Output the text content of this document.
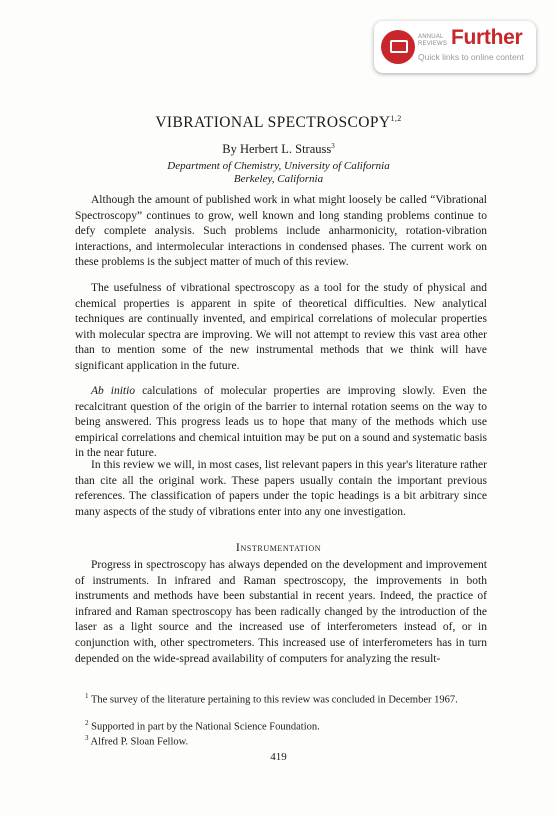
ANNUAL REVIEWS Further
Quick links to online content
VIBRATIONAL SPECTROSCOPY$^{1,2}$
By Herbert L. Strauss$^3$
Department of Chemistry, University of California
Berkeley, California
Although the amount of published work in what might loosely be called “Vibrational Spectroscopy” continues to grow, well known and long standing problems continue to defy complete analysis. Such problems include anharmonicity, rotation-vibration interactions, and intermolecular interactions in condensed phases. The current work on these problems is the subject matter of much of this review.
The usefulness of vibrational spectroscopy as a tool for the study of physical and chemical properties is apparent in spite of theoretical difficulties. New analytical techniques are continually invented, and empirical correlations of molecular properties with molecular spectra are improving. We will not attempt to review this vast area other than to mention some of the new instrumental methods that we think will have significant application in the future.
Ab initio calculations of molecular properties are improving slowly. Even the recalcitrant question of the origin of the barrier to internal rotation seems on the way to being answered. This progress leads us to hope that many of the methods which use empirical correlations and chemical intuition may be put on a sound and systematic basis in the near future.
In this review we will, in most cases, list relevant papers in this year's literature rather than cite all the original work. These papers usually contain the important previous references. The classification of papers under the topic headings is a bit arbitrary since many aspects of the study of vibrations enter into any one investigation.
Instrumentation
Progress in spectroscopy has always depended on the development and improvement of instruments. In infrared and Raman spectroscopy, the improvements in both instruments and methods have been substantial in recent years. Indeed, the practice of infrared and Raman spectroscopy has been radically changed by the introduction of the laser as a light source and the increased use of interferometers instead of, or in conjunction with, other spectrometers. This increased use of interferometers has in turn depended on the wide-spread availability of computers for analyzing the result-
$^1$ The survey of the literature pertaining to this review was concluded in December 1967.
$^2$ Supported in part by the National Science Foundation.
$^3$ Alfred P. Sloan Fellow.
419
